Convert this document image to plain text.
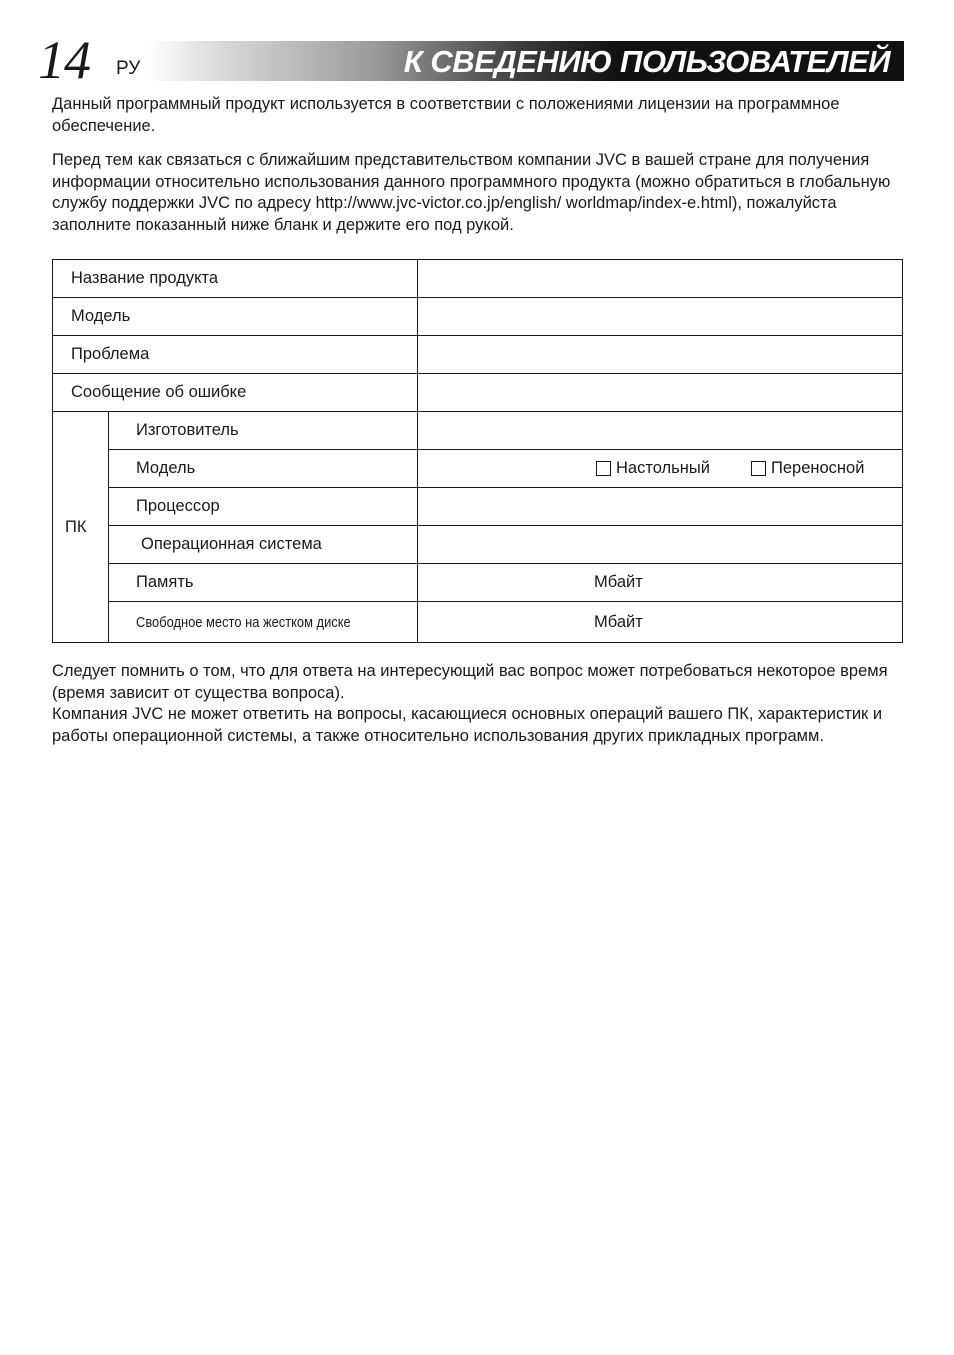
14 РУ	К СВЕДЕНИЮ ПОЛЬЗОВАТЕЛЕЙ

Данный программный продукт используется в соответствии с положениями лицензии на программное обеспечение.

Перед тем как связаться с ближайшим представительством компании JVC в вашей стране для получения информации относительно использования данного программного продукта (можно обратиться в глобальную службу поддержки JVC по адресу http://www.jvc-victor.co.jp/english/ worldmap/index-e.html), пожалуйста заполните показанный ниже бланк и держите его под рукой.

Название продукта
Модель
Проблема
Сообщение об ошибке
ПК
Изготовитель
Модель	Настольный	Переносной
Процессор
Операционная система
Память	Мбайт
Свободное место на жестком диске	Мбайт

Следует помнить о том, что для ответа на интересующий вас вопрос может потребоваться некоторое время (время зависит от существа вопроса).

Компания JVC не может ответить на вопросы, касающиеся основных операций вашего ПК, характеристик и работы операционной системы, а также относительно использования других прикладных программ.
